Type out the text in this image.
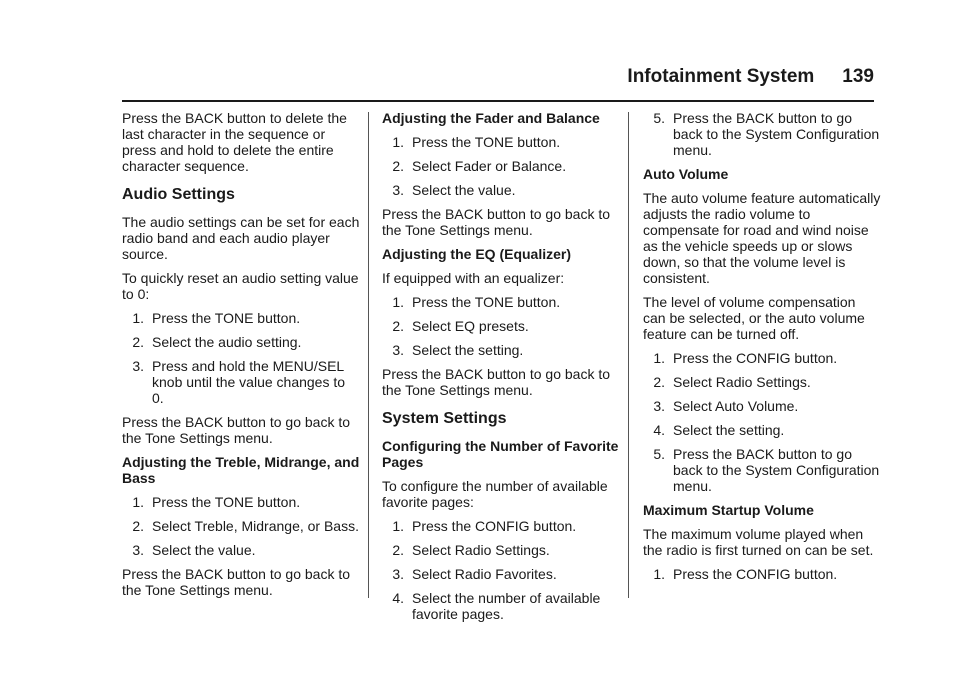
Infotainment System 139

Press the BACK button to delete the last character in the sequence or press and hold to delete the entire character sequence.

Audio Settings

The audio settings can be set for each radio band and each audio player source.

To quickly reset an audio setting value to 0:

1. Press the TONE button.
2. Select the audio setting.
3. Press and hold the MENU/SEL knob until the value changes to 0.

Press the BACK button to go back to the Tone Settings menu.

Adjusting the Treble, Midrange, and Bass
1. Press the TONE button.
2. Select Treble, Midrange, or Bass.
3. Select the value.

Press the BACK button to go back to the Tone Settings menu.

Adjusting the Fader and Balance
1. Press the TONE button.
2. Select Fader or Balance.
3. Select the value.

Press the BACK button to go back to the Tone Settings menu.

Adjusting the EQ (Equalizer)

If equipped with an equalizer:

1. Press the TONE button.
2. Select EQ presets.
3. Select the setting.

Press the BACK button to go back to the Tone Settings menu.

System Settings
Configuring the Number of Favorite Pages

To configure the number of available favorite pages:

1. Press the CONFIG button.
2. Select Radio Settings.
3. Select Radio Favorites.
4. Select the number of available favorite pages.
5. Press the BACK button to go back to the System Configuration menu.
Auto Volume

The auto volume feature automatically adjusts the radio volume to compensate for road and wind noise as the vehicle speeds up or slows down, so that the volume level is consistent.

The level of volume compensation can be selected, or the auto volume feature can be turned off.

1. Press the CONFIG button.
2. Select Radio Settings.
3. Select Auto Volume.
4. Select the setting.
5. Press the BACK button to go back to the System Configuration menu.
Maximum Startup Volume

The maximum volume played when the radio is first turned on can be set.

1. Press the CONFIG button.
